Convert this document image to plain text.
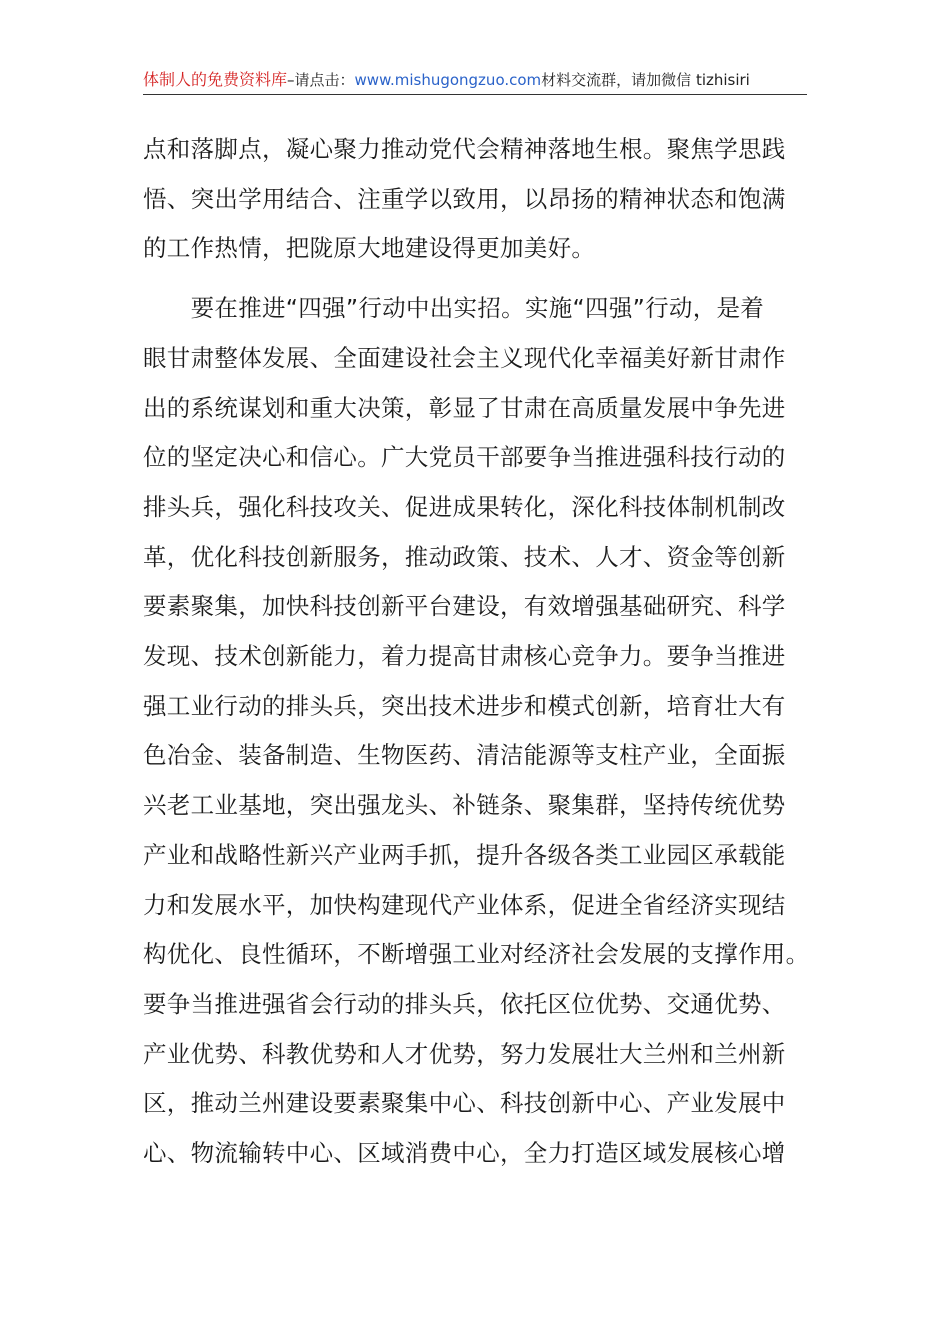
体制人的免费资料库–请点击：www.mishugongzuo.com材料交流群，请加微信 tizhisiri
点和落脚点，凝心聚力推动党代会精神落地生根。聚焦学思践
悟、突出学用结合、注重学以致用，以昂扬的精神状态和饱满
的工作热情，把陇原大地建设得更加美好。
　　要在推进“四强”行动中出实招。实施“四强”行动，是着
眼甘肃整体发展、全面建设社会主义现代化幸福美好新甘肃作
出的系统谋划和重大决策，彰显了甘肃在高质量发展中争先进
位的坚定决心和信心。广大党员干部要争当推进强科技行动的
排头兵，强化科技攻关、促进成果转化，深化科技体制机制改
革，优化科技创新服务，推动政策、技术、人才、资金等创新
要素聚集，加快科技创新平台建设，有效增强基础研究、科学
发现、技术创新能力，着力提高甘肃核心竞争力。要争当推进
强工业行动的排头兵，突出技术进步和模式创新，培育壮大有
色冶金、装备制造、生物医药、清洁能源等支柱产业，全面振
兴老工业基地，突出强龙头、补链条、聚集群，坚持传统优势
产业和战略性新兴产业两手抓，提升各级各类工业园区承载能
力和发展水平，加快构建现代产业体系，促进全省经济实现结
构优化、良性循环，不断增强工业对经济社会发展的支撑作用。
要争当推进强省会行动的排头兵，依托区位优势、交通优势、
产业优势、科教优势和人才优势，努力发展壮大兰州和兰州新
区，推动兰州建设要素聚集中心、科技创新中心、产业发展中
心、物流输转中心、区域消费中心，全力打造区域发展核心增
